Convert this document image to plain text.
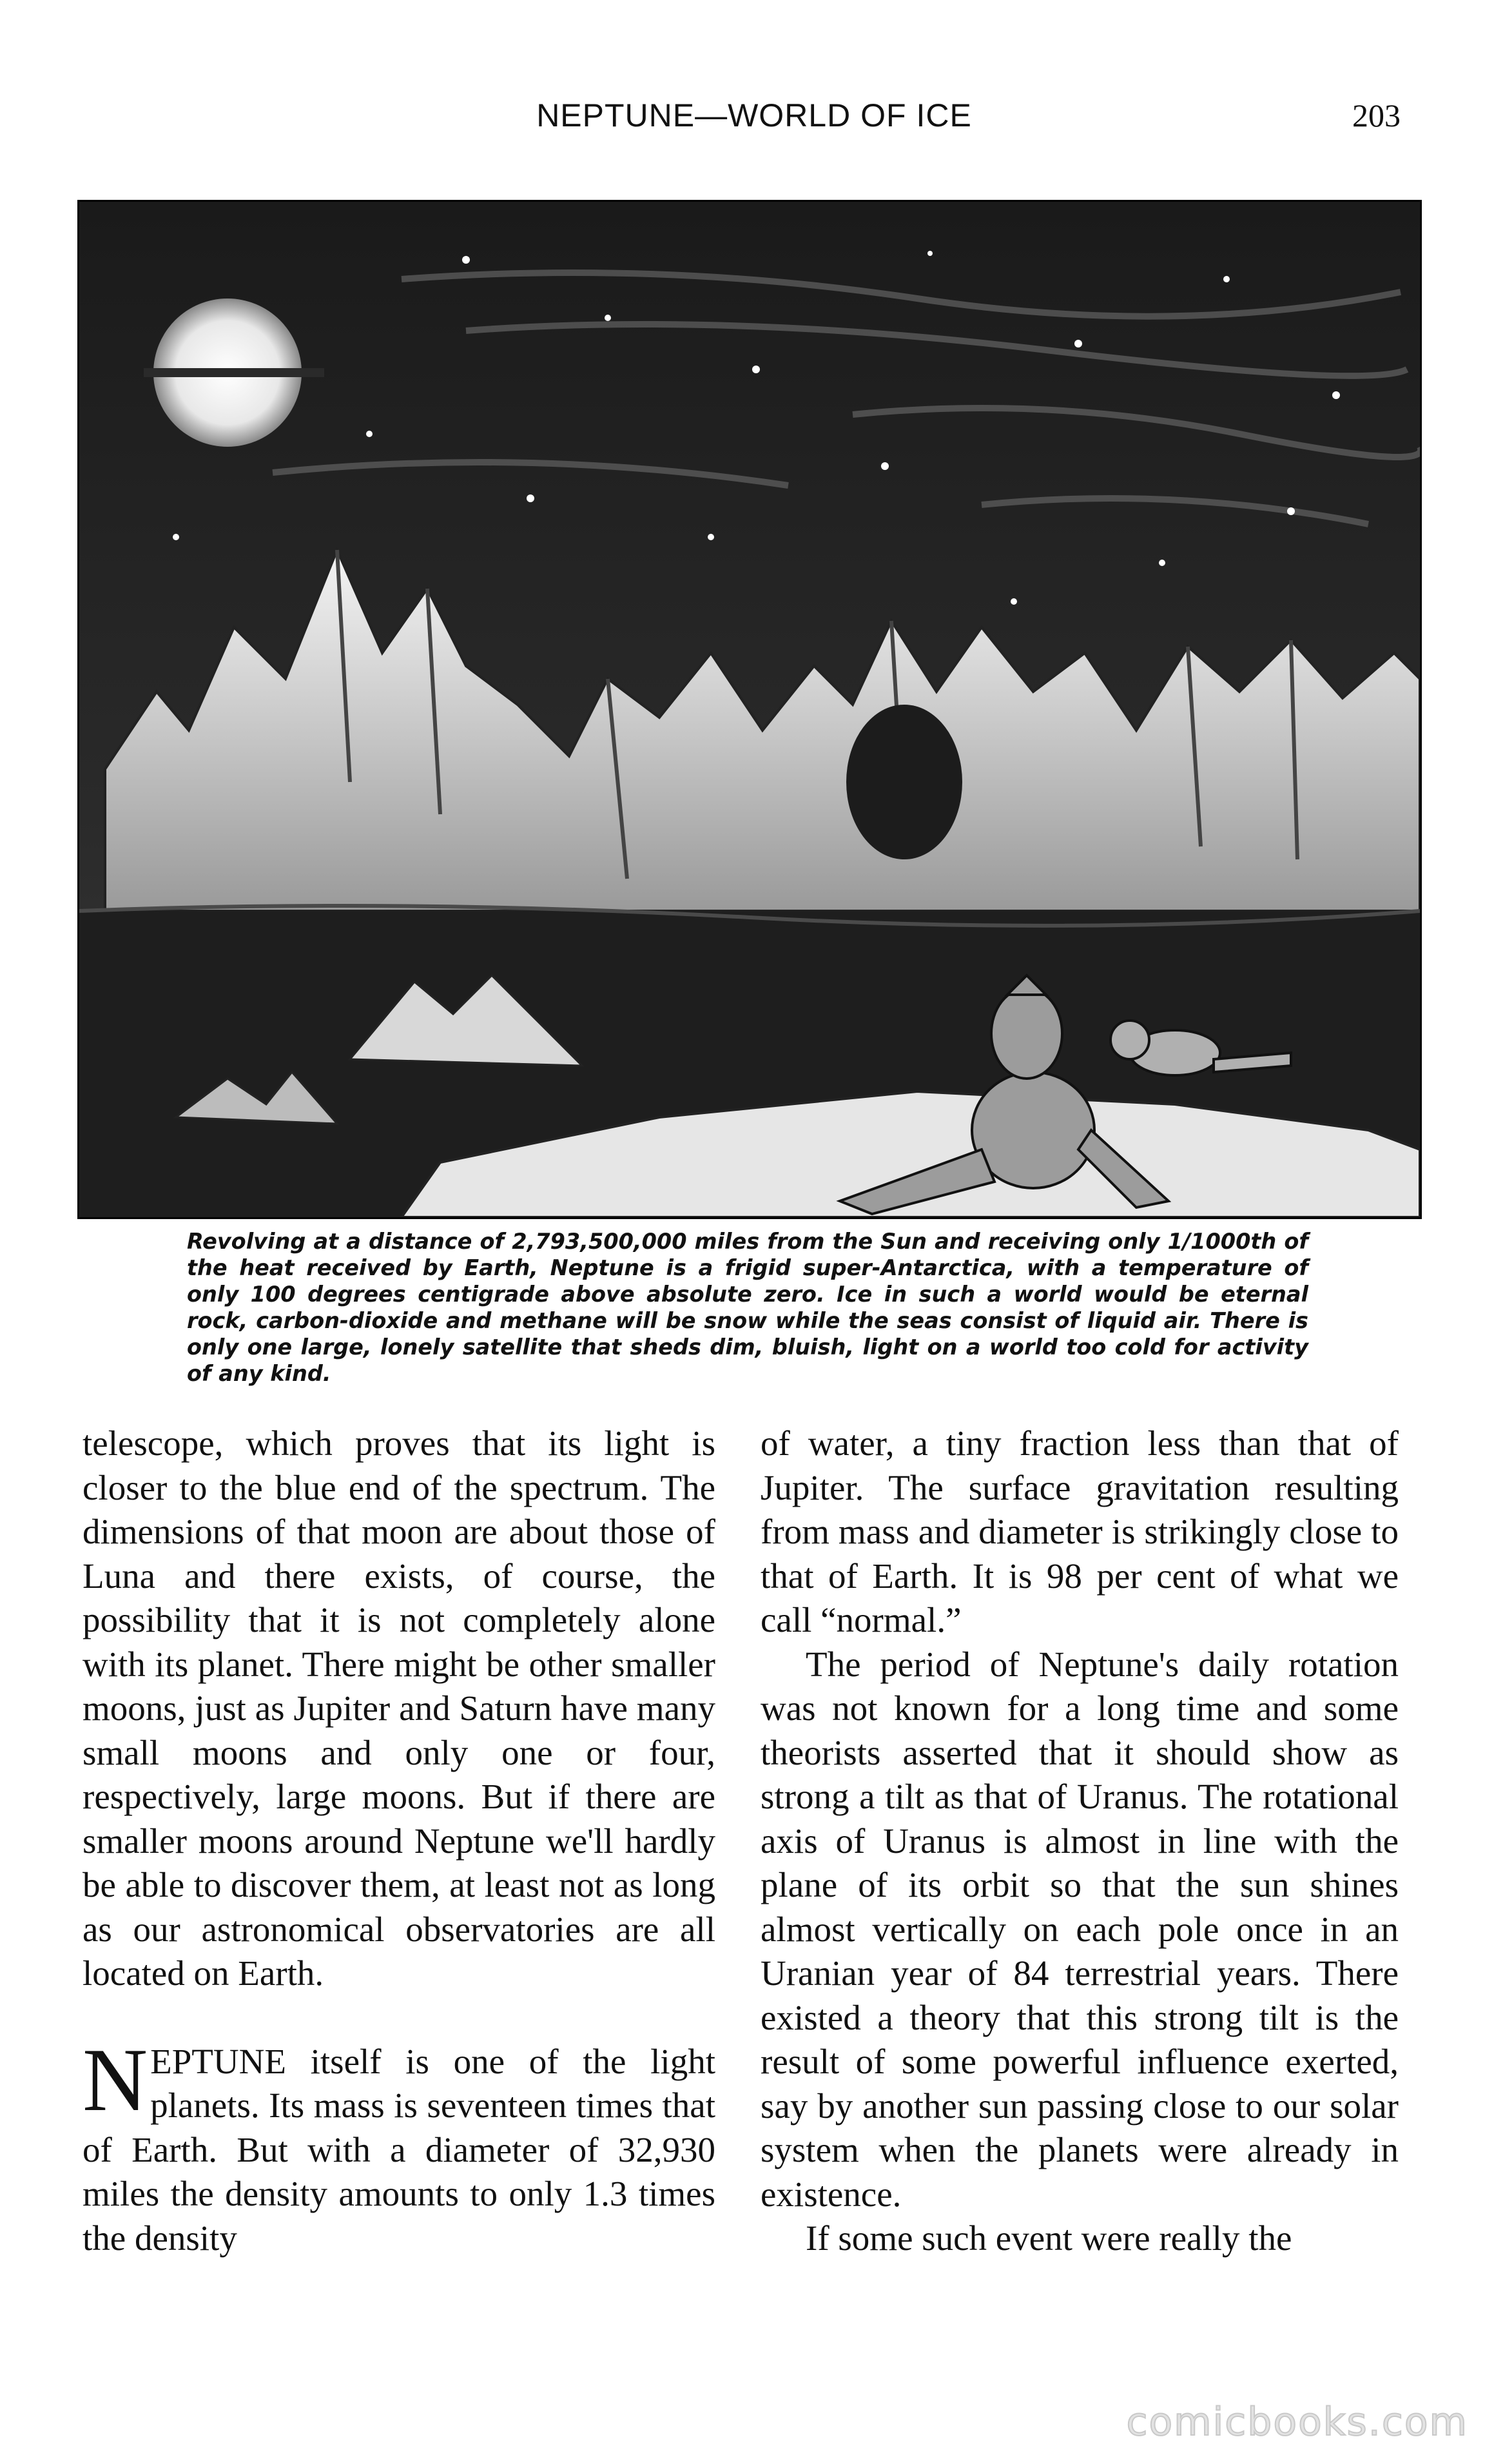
NEPTUNE—WORLD OF ICE	203
Revolving at a distance of 2,793,500,000 miles from the Sun and receiving only 1/1000th of the heat received by Earth, Neptune is a frigid super-Antarctica, with a temperature of only 100 degrees centigrade above absolute zero. Ice in such a world would be eternal rock, carbon-dioxide and methane will be snow while the seas consist of liquid air. There is only one large, lonely satellite that sheds dim, bluish, light on a world too cold for activity of any kind.

telescope, which proves that its light is closer to the blue end of the spectrum. The dimensions of that moon are about those of Luna and there exists, of course, the possibility that it is not completely alone with its planet. There might be other smaller moons, just as Jupiter and Saturn have many small moons and only one or four, respectively, large moons. But if there are smaller moons around Neptune we'll hardly be able to discover them, at least not as long as our astronomical observatories are all located on Earth.

NEPTUNE itself is one of the light planets. Its mass is seventeen times that of Earth. But with a diameter of 32,930 miles the density amounts to only 1.3 times the density

of water, a tiny fraction less than that of Jupiter. The surface gravitation resulting from mass and diameter is strikingly close to that of Earth. It is 98 per cent of what we call “normal.”

The period of Neptune's daily rotation was not known for a long time and some theorists asserted that it should show as strong a tilt as that of Uranus. The rotational axis of Uranus is almost in line with the plane of its orbit so that the sun shines almost vertically on each pole once in an Uranian year of 84 terrestrial years. There existed a theory that this strong tilt is the result of some powerful influence exerted, say by another sun passing close to our solar system when the planets were already in existence.

If some such event were really the

comicbooks.com
